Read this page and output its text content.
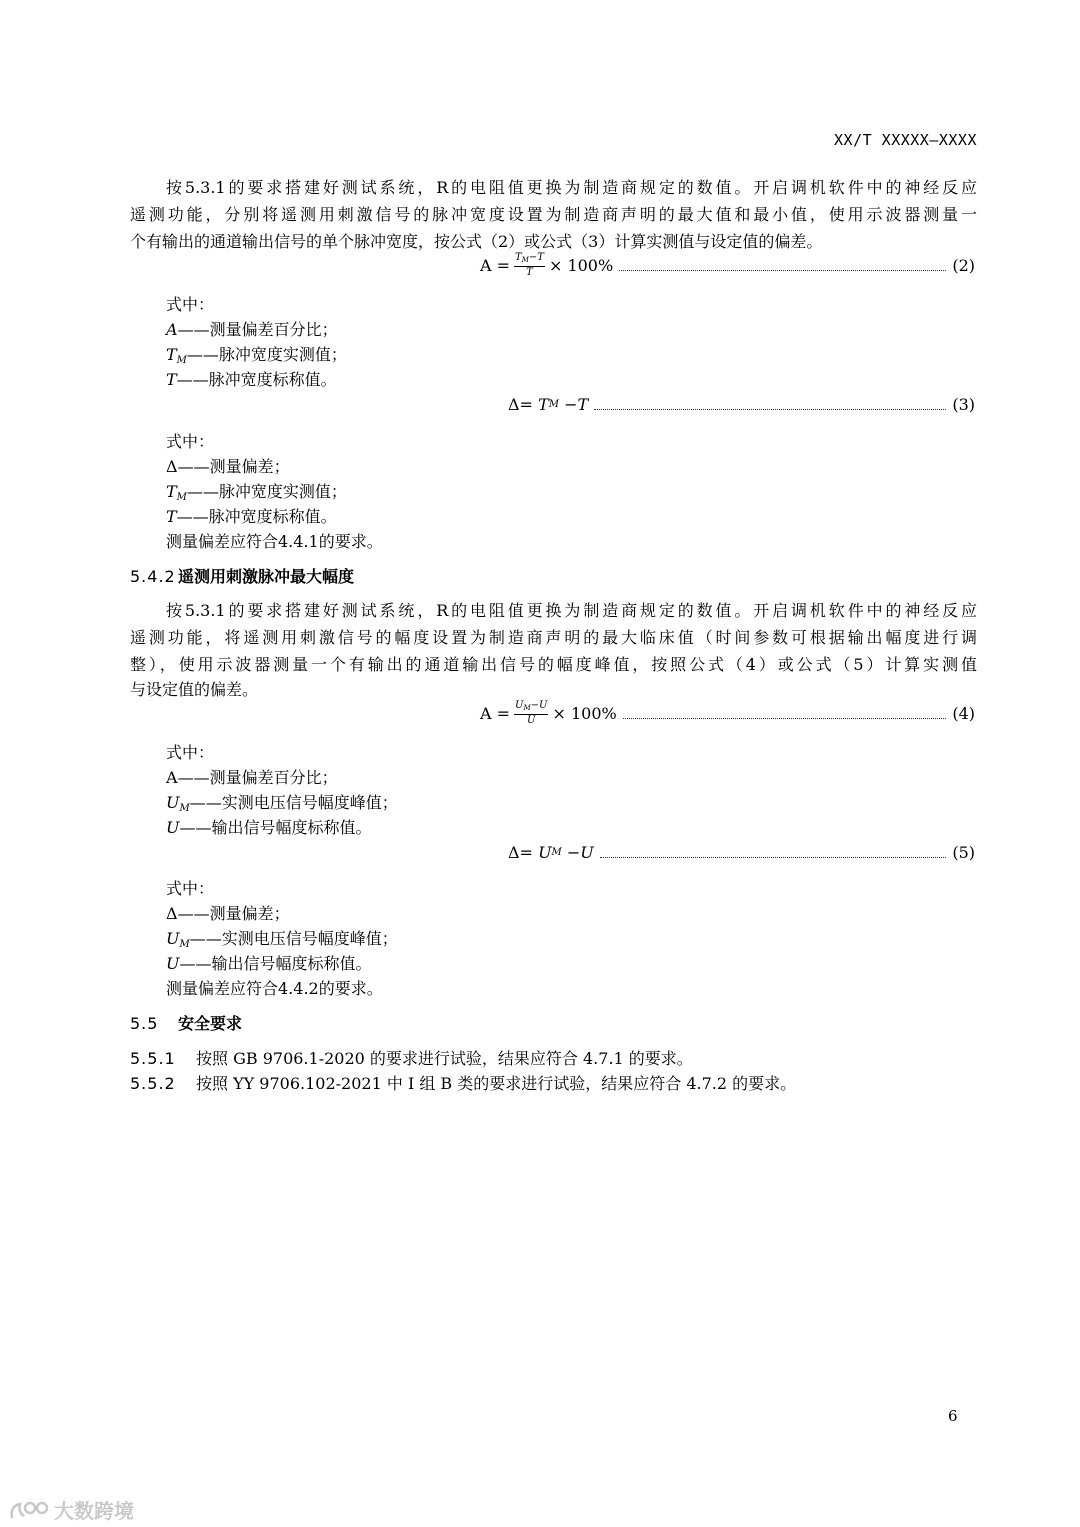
XX/T XXXXX—XXXX
按5.3.1的要求搭建好测试系统，R的电阻值更换为制造商规定的数值。开启调机软件中的神经反应
遥测功能，分别将遥测用刺激信号的脉冲宽度设置为制造商声明的最大值和最小值，使用示波器测量一
个有输出的通道输出信号的单个脉冲宽度，按公式（2）或公式（3）计算实测值与设定值的偏差。
$A = \frac{T_M-T}{T} \times 100\%$	(2)
式中：
A——测量偏差百分比；
$T_M——$脉冲宽度实测值；
T——脉冲宽度标称值。
Δ=
T M
− T	(3)
式中：
Δ——测量偏差；
$T_M——$脉冲宽度实测值；
T——脉冲宽度标称值。
测量偏差应符合4.4.1的要求。
5.4.2 遥测用刺激脉冲最大幅度
按5.3.1的要求搭建好测试系统，R的电阻值更换为制造商规定的数值。开启调机软件中的神经反应
遥测功能，将遥测用刺激信号的幅度设置为制造商声明的最大临床值（时间参数可根据输出幅度进行调
整），使用示波器测量一个有输出的通道输出信号的幅度峰值，按照公式（4）或公式（5）计算实测值
与设定值的偏差。
$A = \frac{U_M-U}{U} \times 100\%$	(4)
式中：
A——测量偏差百分比；
$U_M——$实测电压信号幅度峰值；
U——输出信号幅度标称值。
Δ=
U M
− U	(5)
式中：
Δ——测量偏差；
$U_M——$实测电压信号幅度峰值；
U——输出信号幅度标称值。
测量偏差应符合4.4.2的要求。
5.5 安全要求
5.5.1 按照 GB 9706.1-2020 的要求进行试验，结果应符合 4.7.1 的要求。
5.5.2 按照 YY 9706.102-2021 中 I 组 B 类的要求进行试验，结果应符合 4.7.2 的要求。
6
大数跨境
